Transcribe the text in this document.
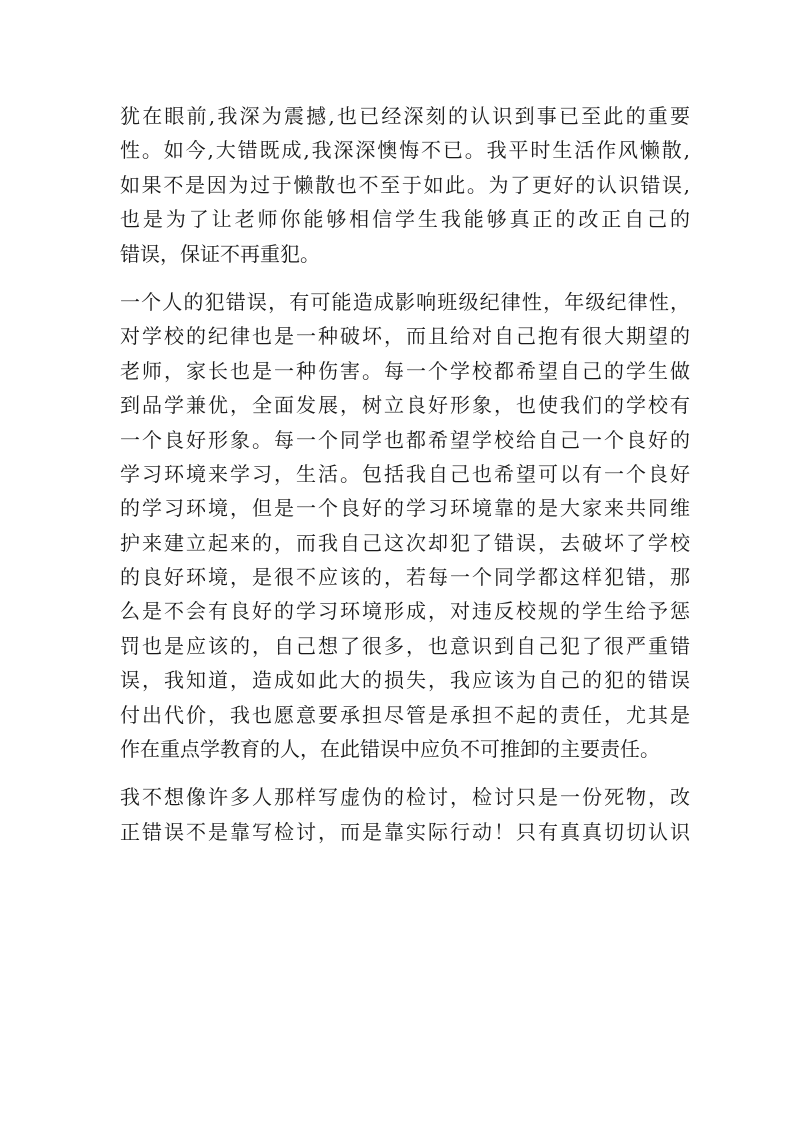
犹在眼前,我深为震撼,也已经深刻的认识到事已至此的重要
性。如今,大错既成,我深深懊悔不已。我平时生活作风懒散,
如果不是因为过于懒散也不至于如此。为了更好的认识错误,
也是为了让老师你能够相信学生我能够真正的改正自己的
错误，保证不再重犯。
一个人的犯错误，有可能造成影响班级纪律性，年级纪律性，
对学校的纪律也是一种破坏，而且给对自己抱有很大期望的
老师，家长也是一种伤害。每一个学校都希望自己的学生做
到品学兼优，全面发展，树立良好形象，也使我们的学校有
一个良好形象。每一个同学也都希望学校给自己一个良好的
学习环境来学习，生活。包括我自己也希望可以有一个良好
的学习环境，但是一个良好的学习环境靠的是大家来共同维
护来建立起来的，而我自己这次却犯了错误，去破坏了学校
的良好环境，是很不应该的，若每一个同学都这样犯错，那
么是不会有良好的学习环境形成，对违反校规的学生给予惩
罚也是应该的，自己想了很多，也意识到自己犯了很严重错
误，我知道，造成如此大的损失，我应该为自己的犯的错误
付出代价，我也愿意要承担尽管是承担不起的责任，尤其是
作在重点学教育的人，在此错误中应负不可推卸的主要责任。
我不想像许多人那样写虚伪的检讨，检讨只是一份死物，改
正错误不是靠写检讨，而是靠实际行动！只有真真切切认识
